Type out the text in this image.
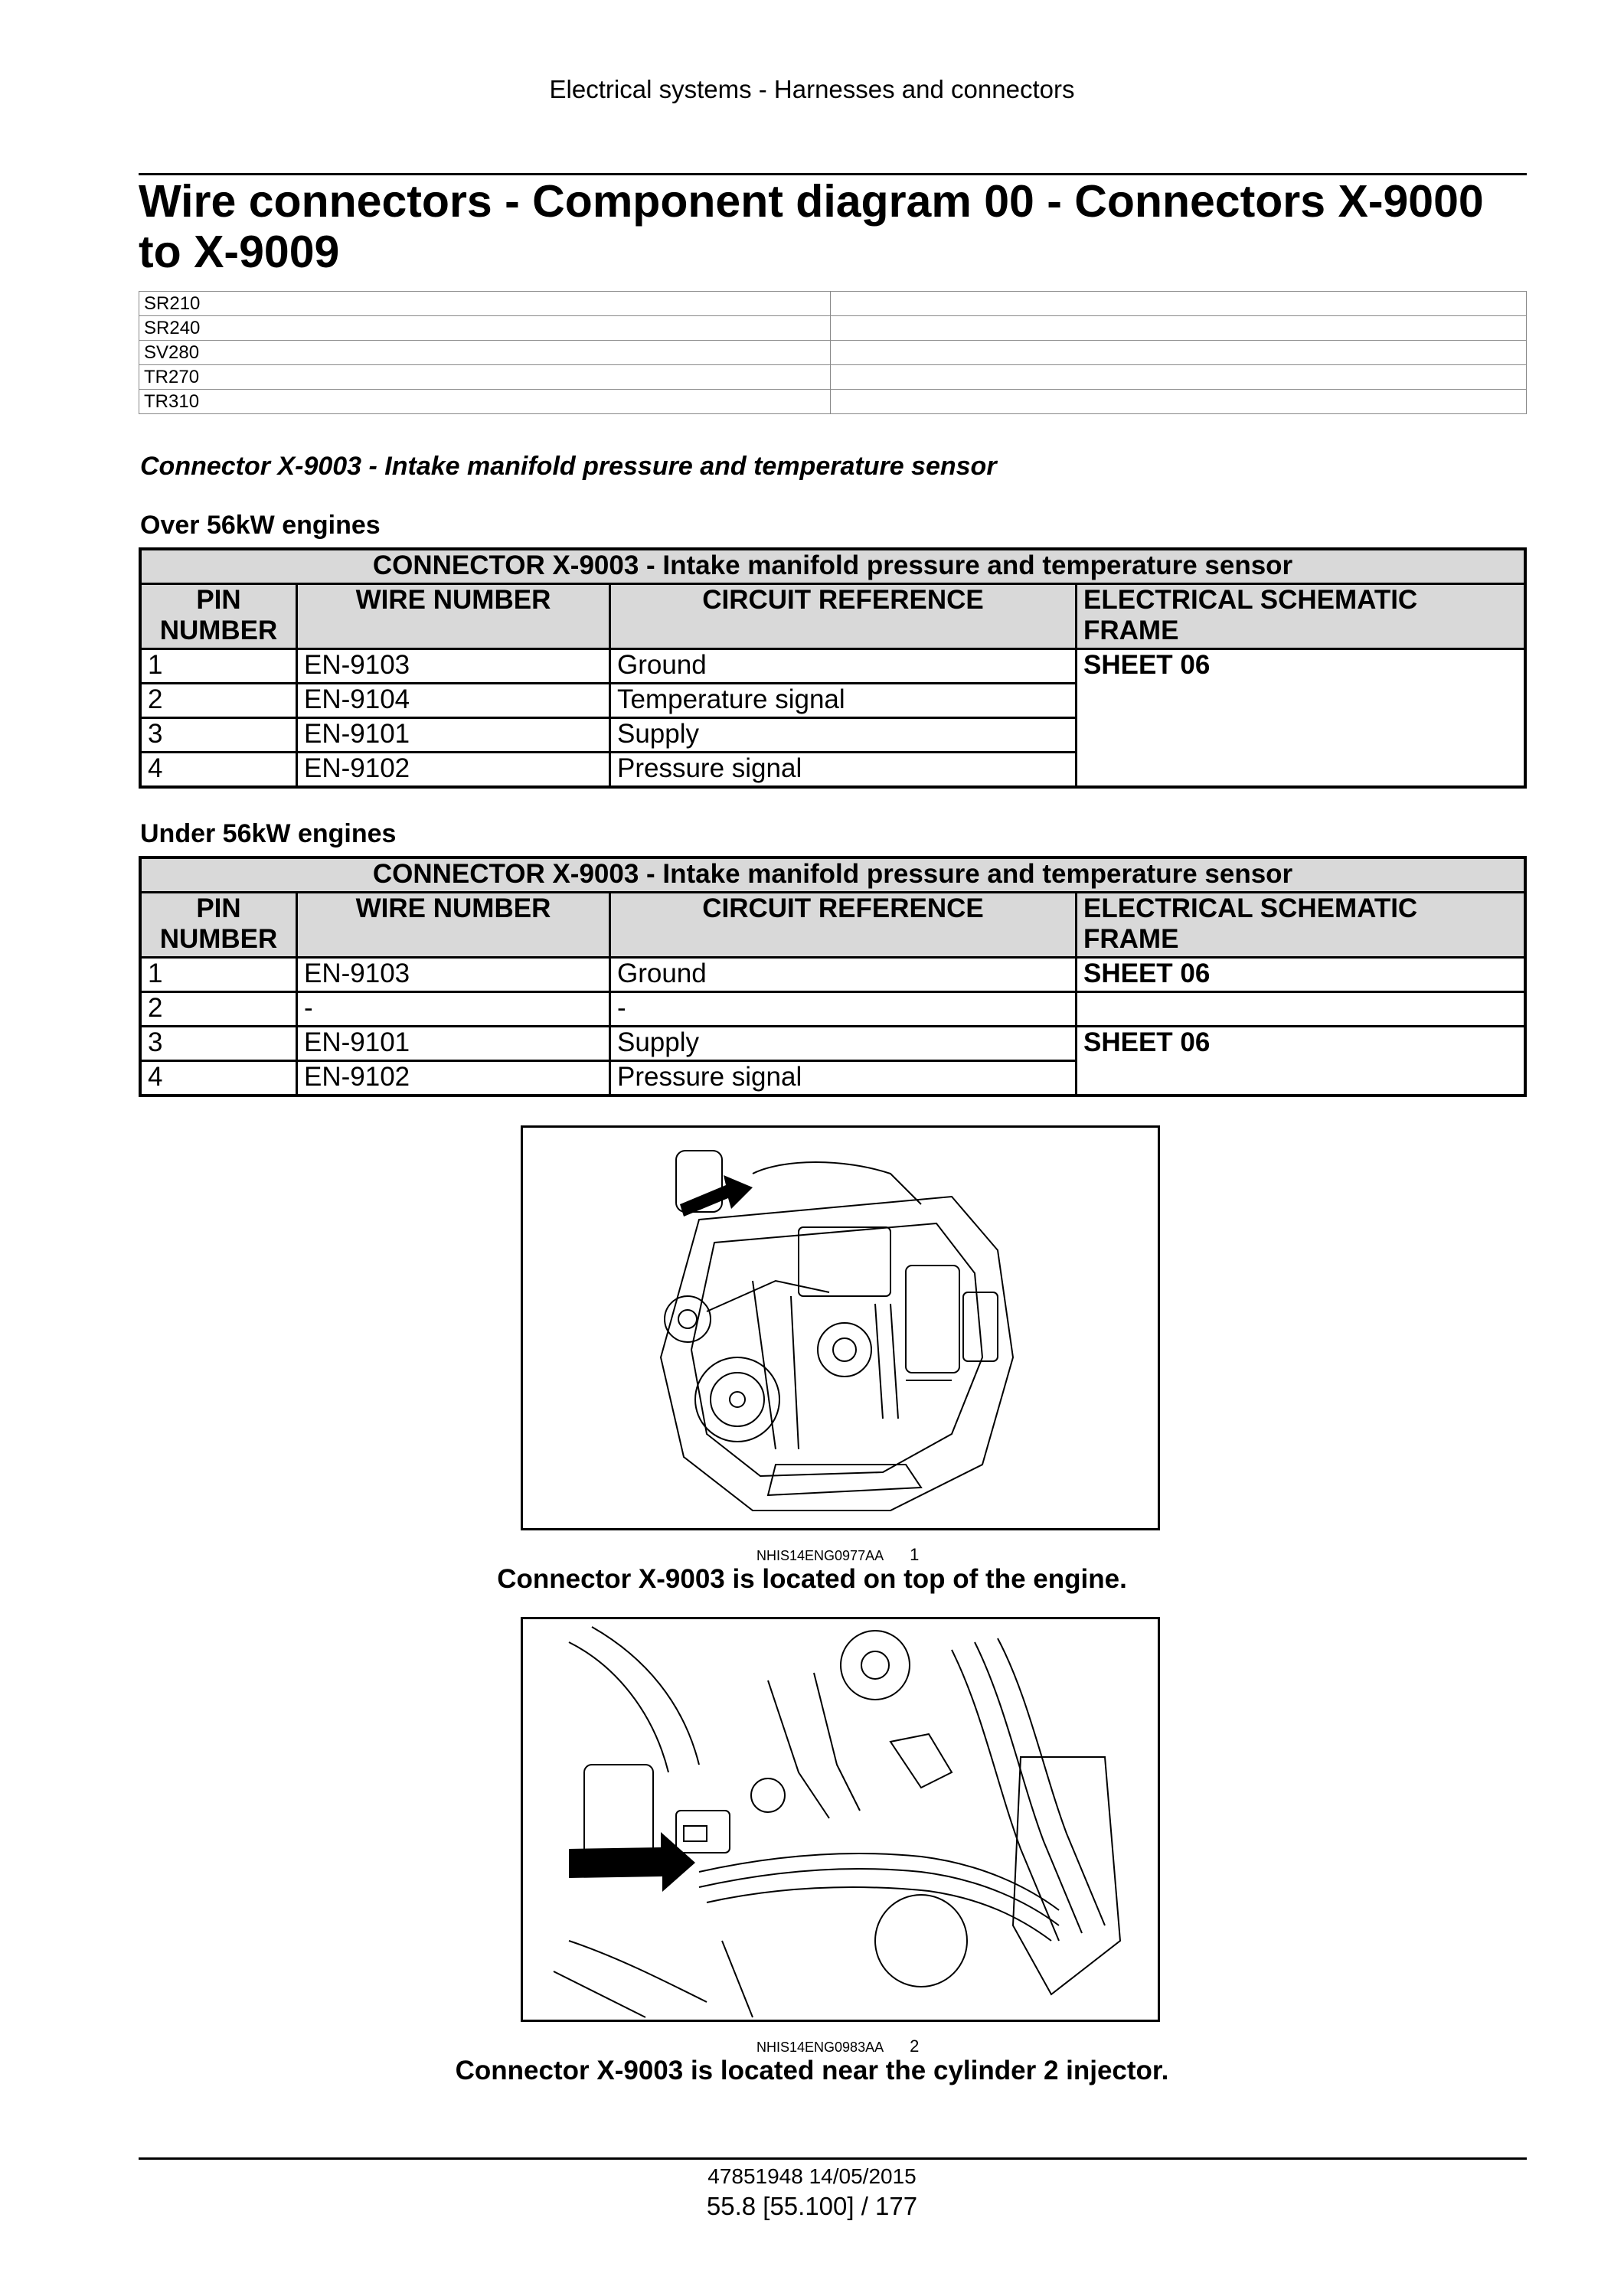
Electrical systems - Harnesses and connectors
Wire connectors - Component diagram 00 - Connectors X-9000 to X-9009
SR210	
SR240	
SV280	
TR270	
TR310	
Connector X-9003 - Intake manifold pressure and temperature sensor
Over 56kW engines
CONNECTOR X-9003 - Intake manifold pressure and temperature sensor			
PIN NUMBER	WIRE NUMBER	CIRCUIT REFERENCE	ELECTRICAL SCHEMATIC FRAME
1	EN-9103	Ground	SHEET 06
2	EN-9104	Temperature signal	
3	EN-9101	Supply	
4	EN-9102	Pressure signal	
Under 56kW engines
CONNECTOR X-9003 - Intake manifold pressure and temperature sensor			
PIN NUMBER	WIRE NUMBER	CIRCUIT REFERENCE	ELECTRICAL SCHEMATIC FRAME
1	EN-9103	Ground	SHEET 06
2	-	-	
3	EN-9101	Supply	SHEET 06
4	EN-9102	Pressure signal	
NHIS14ENG0977AA 1
Connector X-9003 is located on top of the engine.
NHIS14ENG0983AA 2
Connector X-9003 is located near the cylinder 2 injector.
47851948 14/05/2015
55.8 [55.100] / 177
